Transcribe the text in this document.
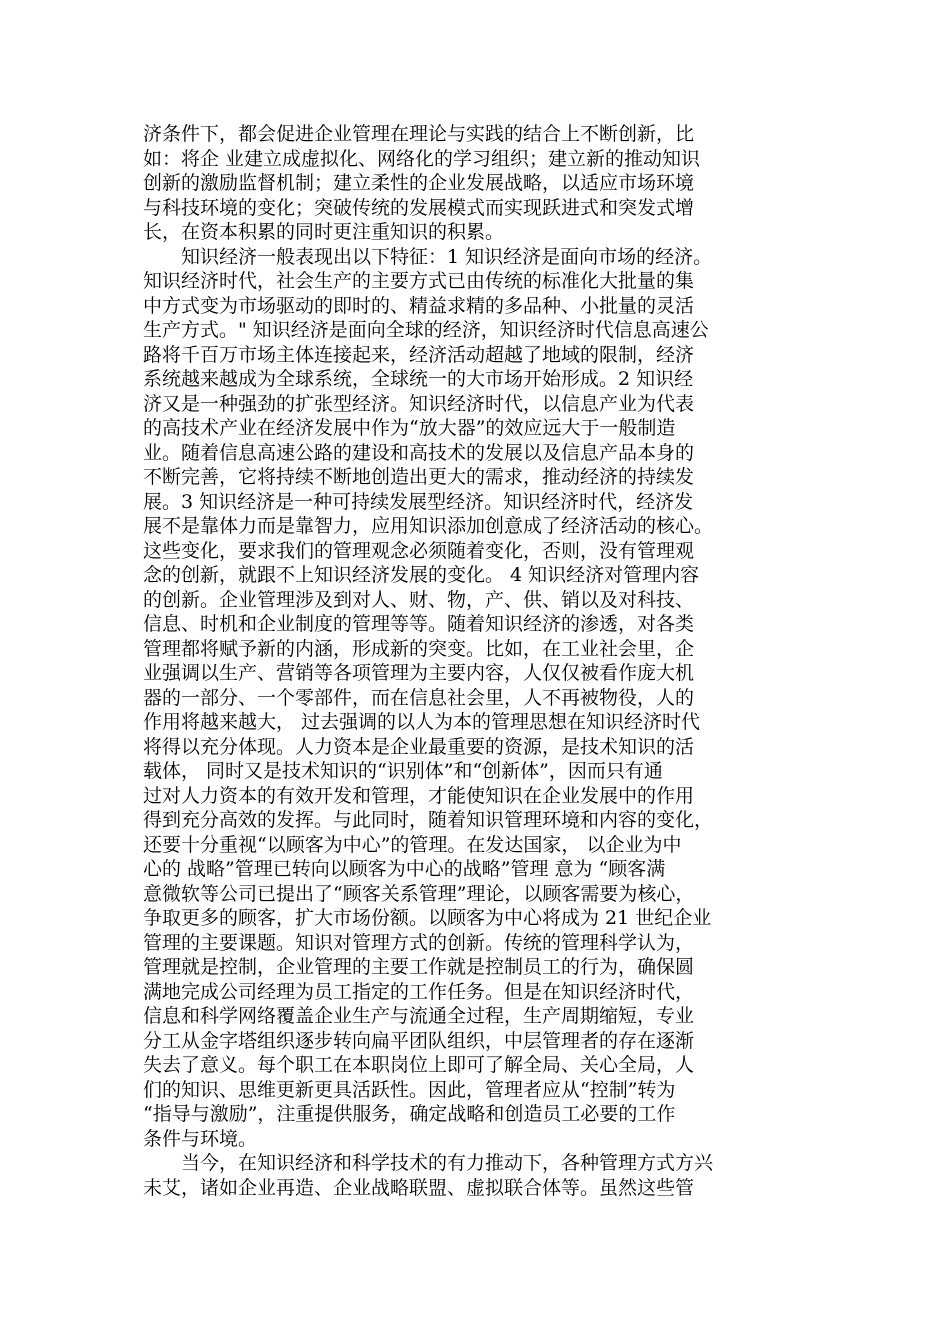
济条件下，都会促进企业管理在理论与实践的结合上不断创新，比
如：将企 业建立成虚拟化、网络化的学习组织；建立新的推动知识
创新的激励监督机制；建立柔性的企业发展战略，以适应市场环境
与科技环境的变化；突破传统的发展模式而实现跃进式和突发式增
长，在资本积累的同时更注重知识的积累。
　　知识经济一般表现出以下特征：1 知识经济是面向市场的经济。
知识经济时代，社会生产的主要方式已由传统的标准化大批量的集
中方式变为市场驱动的即时的、精益求精的多品种、小批量的灵活
生产方式。" 知识经济是面向全球的经济，知识经济时代信息高速公
路将千百万市场主体连接起来，经济活动超越了地域的限制，经济
系统越来越成为全球系统，全球统一的大市场开始形成。2 知识经
济又是一种强劲的扩张型经济。知识经济时代，以信息产业为代表
的高技术产业在经济发展中作为“放大器”的效应远大于一般制造
业。随着信息高速公路的建设和高技术的发展以及信息产品本身的
不断完善，它将持续不断地创造出更大的需求，推动经济的持续发
展。3 知识经济是一种可持续发展型经济。知识经济时代，经济发
展不是靠体力而是靠智力，应用知识添加创意成了经济活动的核心。
这些变化，要求我们的管理观念必须随着变化，否则，没有管理观
念的创新，就跟不上知识经济发展的变化。 4 知识经济对管理内容
的创新。企业管理涉及到对人、财、物，产、供、销以及对科技、
信息、时机和企业制度的管理等等。随着知识经济的渗透，对各类
管理都将赋予新的内涵，形成新的突变。比如，在工业社会里，企
业强调以生产、营销等各项管理为主要内容，人仅仅被看作庞大机
器的一部分、一个零部件，而在信息社会里，人不再被物役，人的
作用将越来越大， 过去强调的以人为本的管理思想在知识经济时代
将得以充分体现。人力资本是企业最重要的资源，是技术知识的活
载体， 同时又是技术知识的“识别体”和“创新体”，因而只有通
过对人力资本的有效开发和管理，才能使知识在企业发展中的作用
得到充分高效的发挥。与此同时，随着知识管理环境和内容的变化，
还要十分重视“以顾客为中心”的管理。在发达国家， 以企业为中
心的 战略”管理已转向以顾客为中心的战略”管理 意为 “顾客满
意微软等公司已提出了“顾客关系管理”理论，以顾客需要为核心，
争取更多的顾客，扩大市场份额。以顾客为中心将成为 21 世纪企业
管理的主要课题。知识对管理方式的创新。传统的管理科学认为，
管理就是控制，企业管理的主要工作就是控制员工的行为，确保圆
满地完成公司经理为员工指定的工作任务。但是在知识经济时代，
信息和科学网络覆盖企业生产与流通全过程，生产周期缩短，专业
分工从金字塔组织逐步转向扁平团队组织，中层管理者的存在逐渐
失去了意义。每个职工在本职岗位上即可了解全局、关心全局，人
们的知识、思维更新更具活跃性。因此，管理者应从“控制”转为
“指导与激励”，注重提供服务，确定战略和创造员工必要的工作
条件与环境。
　　当今，在知识经济和科学技术的有力推动下，各种管理方式方兴
未艾，诸如企业再造、企业战略联盟、虚拟联合体等。虽然这些管
